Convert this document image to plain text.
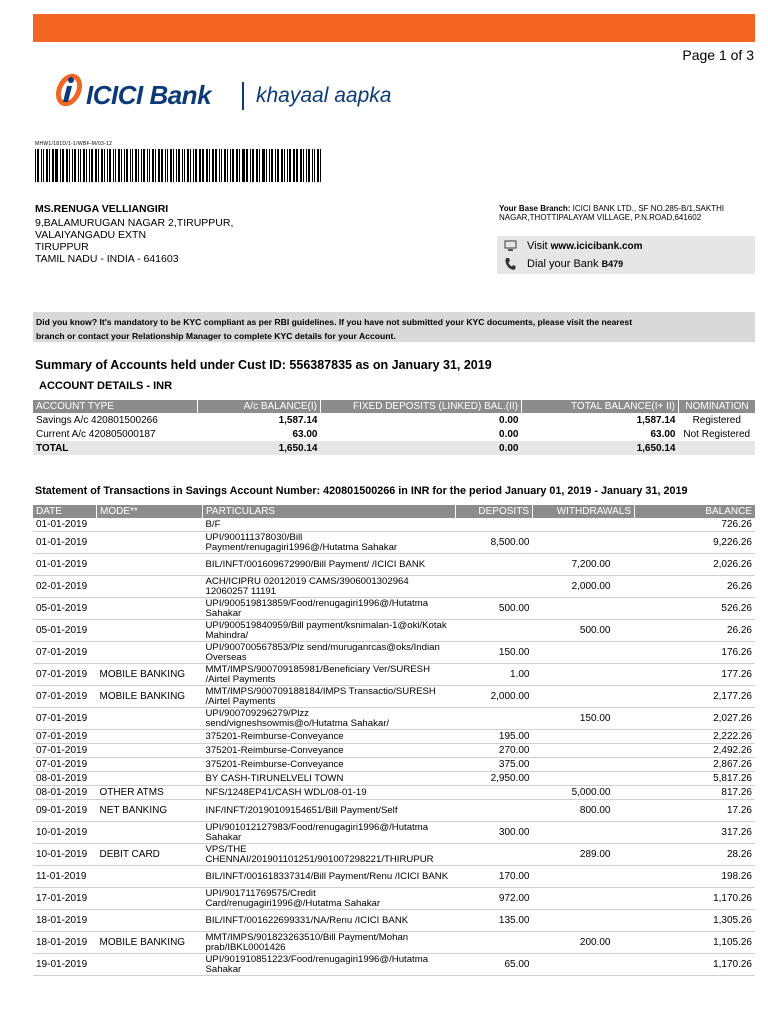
Page 1 of 3
ICICI Bank khayaal aapka
MHW1/181D/1-1/WBF-M/03-12
MS.RENUGA VELLIANGIRI
9,BALAMURUGAN NAGAR 2,TIRUPPUR,
VALAIYANGADU EXTN
TIRUPPUR
TAMIL NADU - INDIA - 641603
Your Base Branch: ICICI BANK LTD., SF NO.285-B/1,SAKTHI NAGAR,THOTTIPALAYAM VILLAGE, P.N.ROAD,641602
Visit
www.icicibank.com
Dial your Bank
B479
Did you know? It's mandatory to be KYC compliant as per RBI guidelines. If you have not submitted your KYC documents, please visit the nearest
branch or contact your Relationship Manager to complete KYC details for your Account.
Summary of Accounts held under Cust ID: 556387835 as on January 31, 2019
ACCOUNT DETAILS - INR
ACCOUNT TYPE	A/c BALANCE(I)	FIXED DEPOSITS (LINKED) BAL.(II)	TOTAL BALANCE(I+ II)	NOMINATION
Savings A/c 420801500266	1,587.14	0.00	1,587.14	Registered
Current A/c 420805000187	63.00	0.00	63.00	Not Registered
TOTAL	1,650.14	0.00	1,650.14	
Statement of Transactions in Savings Account Number: 420801500266 in INR for the period January 01, 2019 - January 31, 2019
DATE	MODE**	PARTICULARS	DEPOSITS	WITHDRAWALS	BALANCE
01-01-2019		B/F			726.26
01-01-2019		UPI/900111378030/Bill Payment/renugagiri1996@/Hutatma Sahakar	8,500.00		9,226.26
01-01-2019		BIL/INFT/001609672990/Bill Payment/ /ICICI BANK		7,200.00	2,026.26
02-01-2019		ACH/ICIPRU 02012019 CAMS/3906001302964 12060257 11191		2,000.00	26.26
05-01-2019		UPI/900519813859/Food/renugagiri1996@/Hutatma Sahakar	500.00		526.26
05-01-2019		UPI/900519840959/Bill payment/ksnimalan-1@oki/Kotak Mahindra/		500.00	26.26
07-01-2019		UPI/900700567853/Plz send/muruganrcas@oks/Indian Overseas	150.00		176.26
07-01-2019	MOBILE BANKING	MMT/IMPS/900709185981/Beneficiary Ver/SURESH /Airtel Payments	1.00		177.26
07-01-2019	MOBILE BANKING	MMT/IMPS/900709188184/IMPS Transactio/SURESH /Airtel Payments	2,000.00		2,177.26
07-01-2019		UPI/900709296279/Plzz send/vigneshsowmis@o/Hutatma Sahakar/		150.00	2,027.26
07-01-2019		375201-Reimburse-Conveyance	195.00		2,222.26
07-01-2019		375201-Reimburse-Conveyance	270.00		2,492.26
07-01-2019		375201-Reimburse-Conveyance	375.00		2,867.26
08-01-2019		BY CASH-TIRUNELVELI TOWN	2,950.00		5,817.26
08-01-2019	OTHER ATMS	NFS/1248EP41/CASH WDL/08-01-19		5,000.00	817.26
09-01-2019	NET BANKING	INF/INFT/20190109154651/Bill Payment/Self		800.00	17.26
10-01-2019		UPI/901012127983/Food/renugagiri1996@/Hutatma Sahakar	300.00		317.26
10-01-2019	DEBIT CARD	VPS/THE CHENNAI/201901101251/901007298221/THIRUPUR		289.00	28.26
11-01-2019		BIL/INFT/001618337314/Bill Payment/Renu /ICICI BANK	170.00		198.26
17-01-2019		UPI/901711769575/Credit Card/renugagiri1996@/Hutatma Sahakar	972.00		1,170.26
18-01-2019		BIL/INFT/001622699331/NA/Renu /ICICI BANK	135.00		1,305.26
18-01-2019	MOBILE BANKING	MMT/IMPS/901823263510/Bill Payment/Mohan prab/IBKL0001426		200.00	1,105.26
19-01-2019		UPI/901910851223/Food/renugagiri1996@/Hutatma Sahakar	65.00		1,170.26
